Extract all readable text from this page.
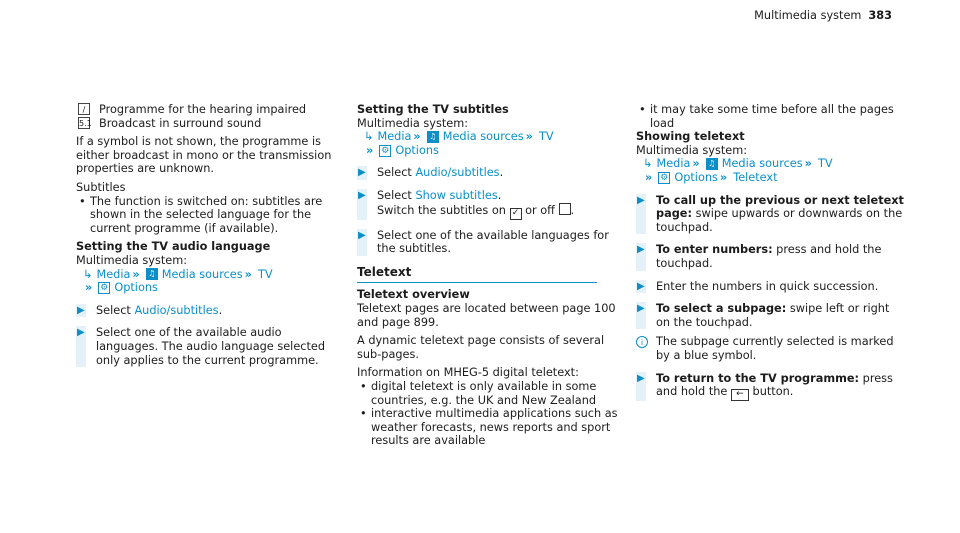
Multimedia system 383
∕	Programme for the hearing impaired
5.1 Broadcast in surround sound

If a symbol is not shown, the programme is either broadcast in mono or the transmission properties are unknown.

Subtitles

• The function is switched on: subtitles are shown in the selected language for the current programme (if available).

Setting the TV audio language

Multimedia system:

↳ Media »	♫ Media sources » TV
» ⚙ Options
▶ Select Audio/subtitles.
▶ Select one of the available audio languages. The audio language selected only applies to the current programme.

Setting the TV subtitles

Multimedia system:

↳ Media »	♫ Media sources » TV
» ⚙ Options
▶ Select Audio/subtitles.
▶ Select Show subtitles.
Switch the subtitles on ✓ or off .
▶ Select one of the available languages for the subtitles.
Teletext

Teletext overview

Teletext pages are located between page 100 and page 899.

A dynamic teletext page consists of several sub-pages.

Information on MHEG-5 digital teletext:

• digital teletext is only available in some countries, e.g. the UK and New Zealand
• interactive multimedia applications such as weather forecasts, news reports and sport results are available
• it may take some time before all the pages load

Showing teletext

Multimedia system:

↳ Media »	♫ Media sources » TV
» ⚙ Options » Teletext
▶ To call up the previous or next teletext page: swipe upwards or downwards on the touchpad.
▶ To enter numbers: press and hold the touchpad.
▶ Enter the numbers in quick succession.
▶ To select a subpage: swipe left or right on the touchpad.
i	The subpage currently selected is marked by a blue symbol.
▶ To return to the TV programme: press and hold the ← button.
